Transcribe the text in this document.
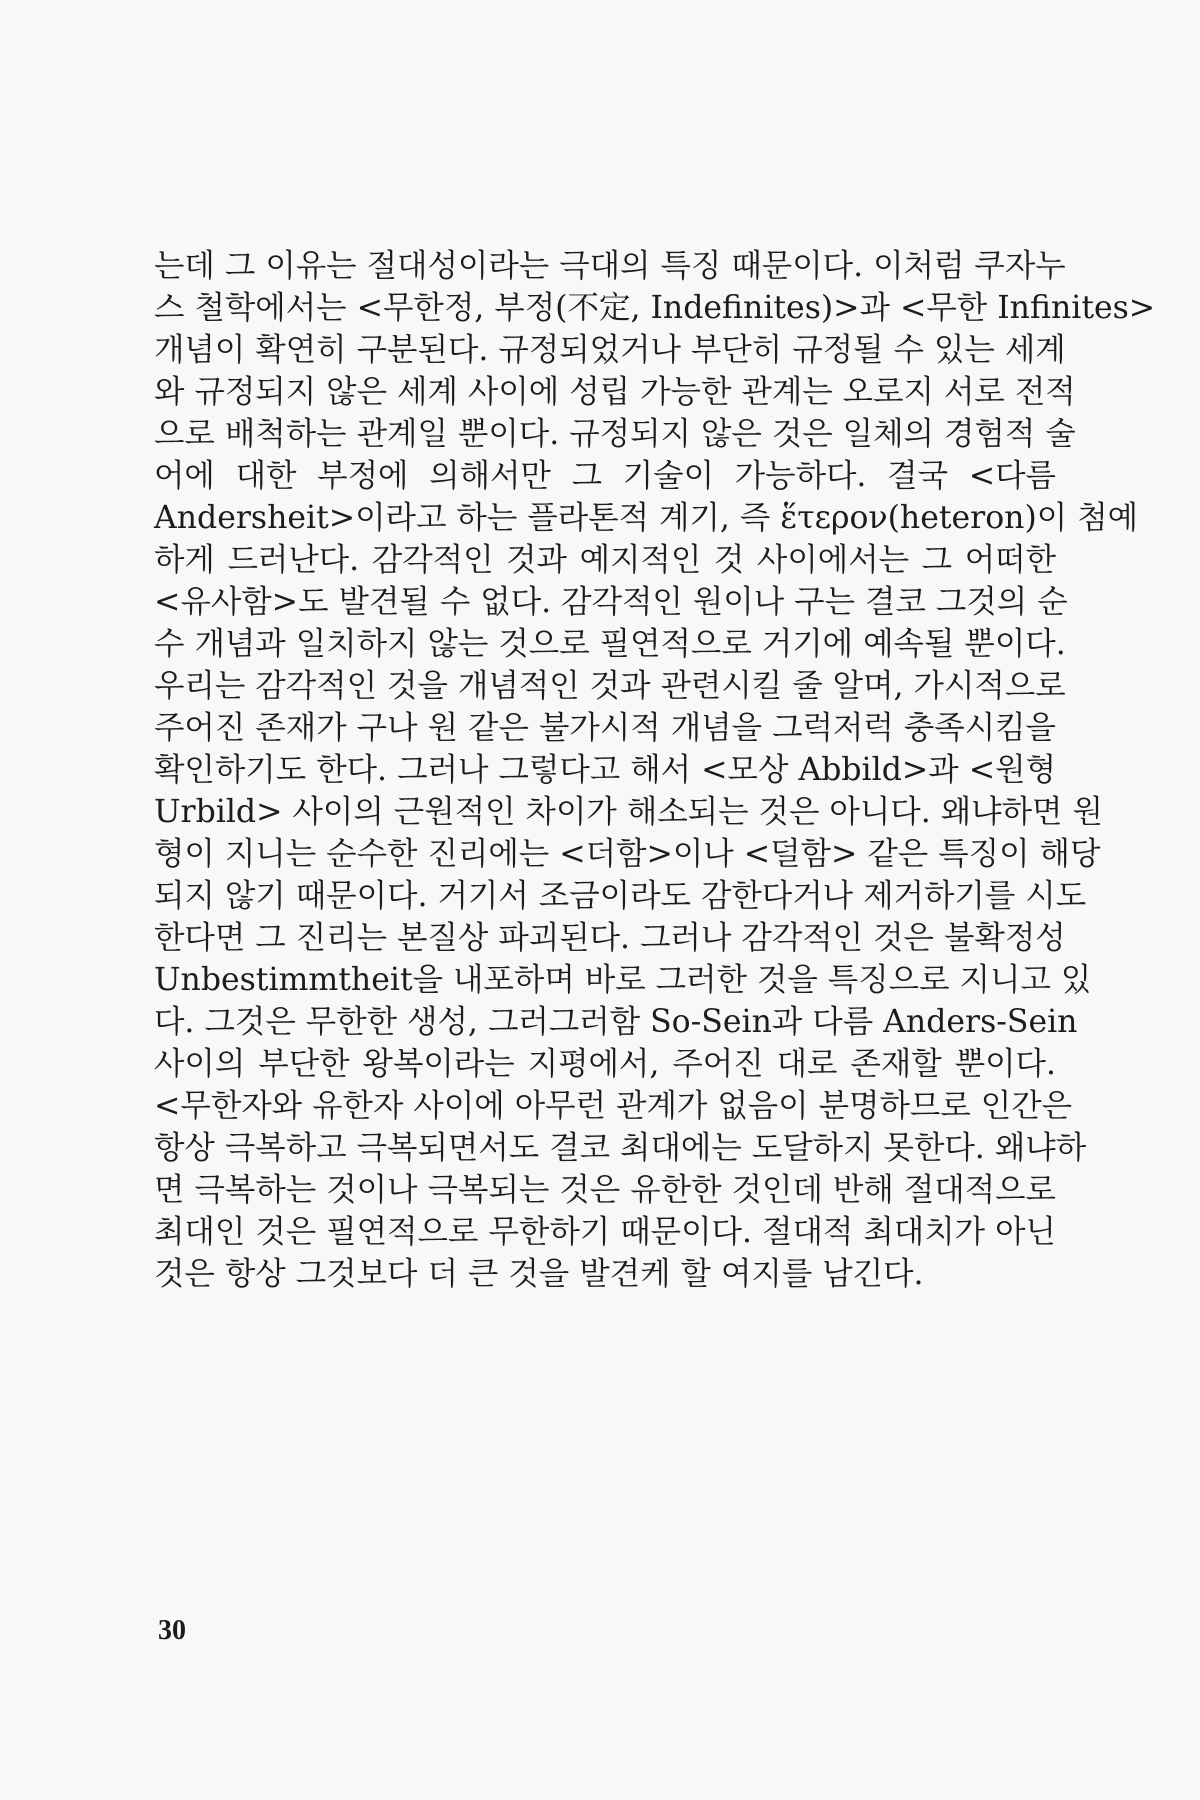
는데 그 이유는 절대성이라는 극대의 특징 때문이다. 이처럼 쿠자누
스 철학에서는 <무한정, 부정(不定, Indefinites)>과 <무한 Infinites>
개념이 확연히 구분된다. 규정되었거나 부단히 규정될 수 있는 세계
와 규정되지 않은 세계 사이에 성립 가능한 관계는 오로지 서로 전적
으로 배척하는 관계일 뿐이다. 규정되지 않은 것은 일체의 경험적 술
어에 대한 부정에 의해서만 그 기술이 가능하다. 결국 <다름
Andersheit>이라고 하는 플라톤적 계기, 즉 ἕτερον(heteron)이 첨예
하게 드러난다. 감각적인 것과 예지적인 것 사이에서는 그 어떠한
<유사함>도 발견될 수 없다. 감각적인 원이나 구는 결코 그것의 순
수 개념과 일치하지 않는 것으로 필연적으로 거기에 예속될 뿐이다.
우리는 감각적인 것을 개념적인 것과 관련시킬 줄 알며, 가시적으로
주어진 존재가 구나 원 같은 불가시적 개념을 그럭저럭 충족시킴을
확인하기도 한다. 그러나 그렇다고 해서 <모상 Abbild>과 <원형
Urbild> 사이의 근원적인 차이가 해소되는 것은 아니다. 왜냐하면 원
형이 지니는 순수한 진리에는 <더함>이나 <덜함> 같은 특징이 해당
되지 않기 때문이다. 거기서 조금이라도 감한다거나 제거하기를 시도
한다면 그 진리는 본질상 파괴된다. 그러나 감각적인 것은 불확정성
Unbestimmtheit을 내포하며 바로 그러한 것을 특징으로 지니고 있
다. 그것은 무한한 생성, 그러그러함 So-Sein과 다름 Anders-Sein
사이의 부단한 왕복이라는 지평에서, 주어진 대로 존재할 뿐이다.
<무한자와 유한자 사이에 아무런 관계가 없음이 분명하므로 인간은
항상 극복하고 극복되면서도 결코 최대에는 도달하지 못한다. 왜냐하
면 극복하는 것이나 극복되는 것은 유한한 것인데 반해 절대적으로
최대인 것은 필연적으로 무한하기 때문이다. 절대적 최대치가 아닌
것은 항상 그것보다 더 큰 것을 발견케 할 여지를 남긴다.
30
